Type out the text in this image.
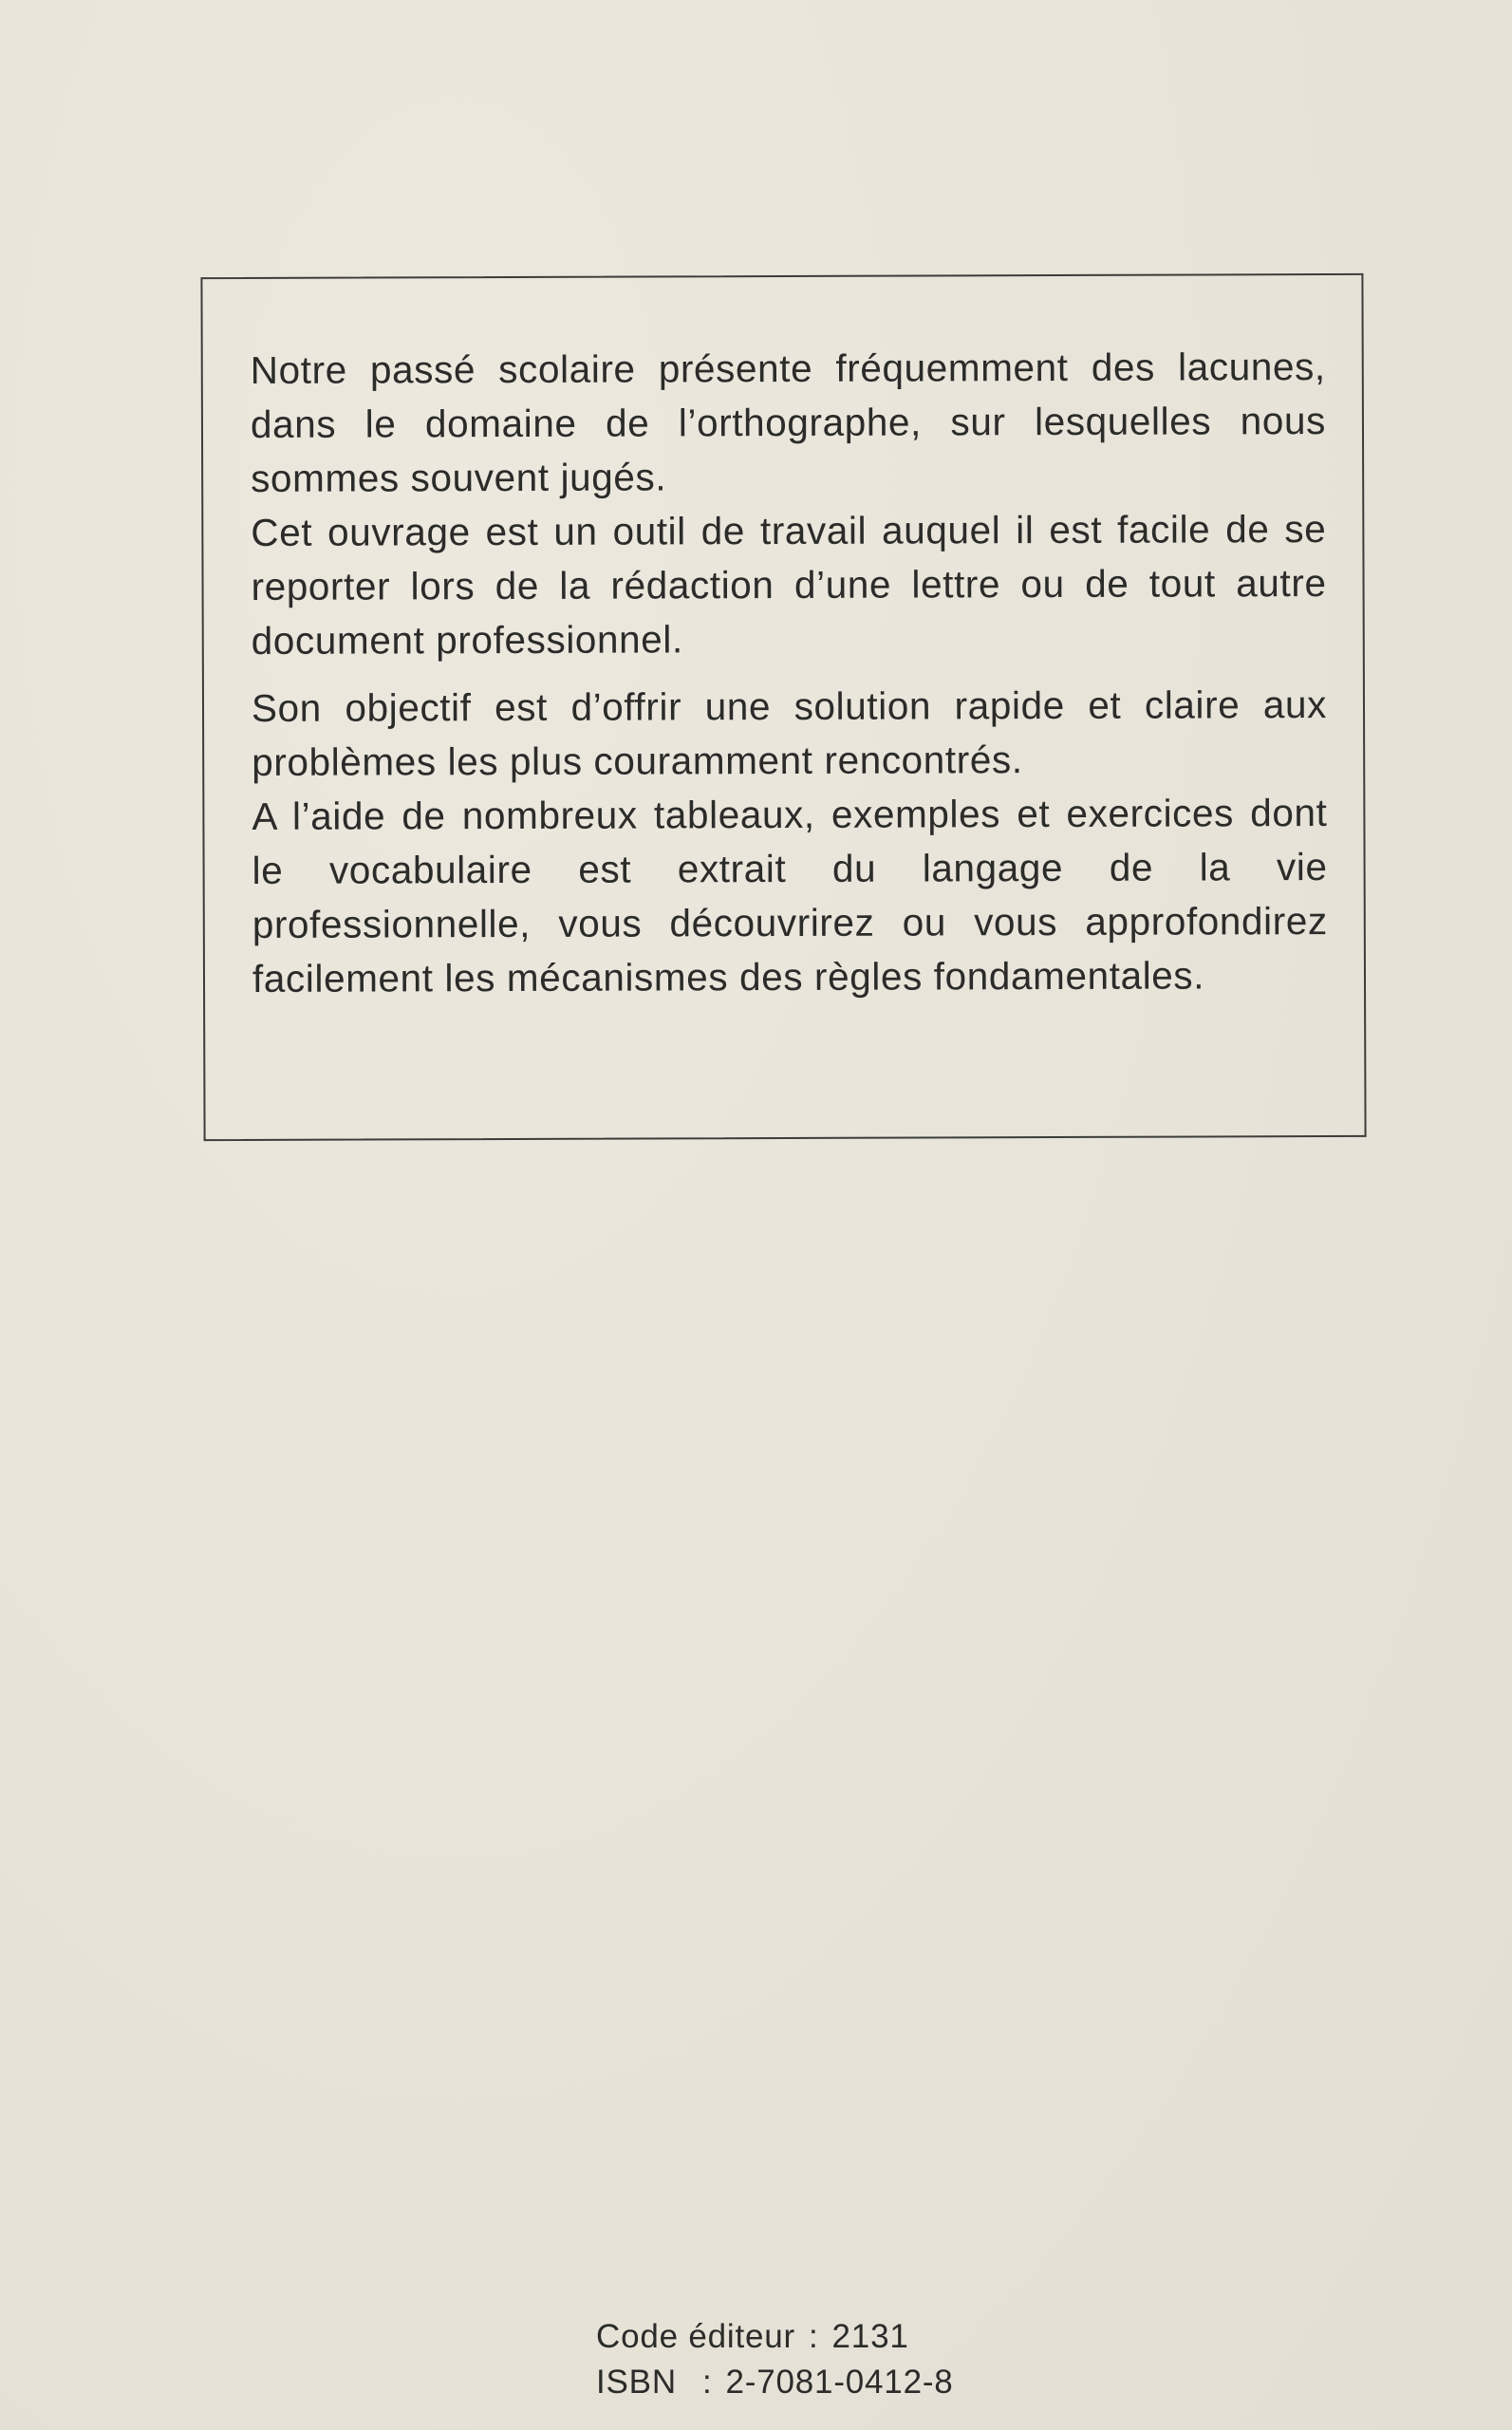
Notre passé scolaire présente fréquemment des lacunes, dans le domaine de l’orthographe, sur lesquelles nous sommes souvent jugés.

Cet ouvrage est un outil de travail auquel il est facile de se reporter lors de la rédaction d’une lettre ou de tout autre document professionnel.

Son objectif est d’offrir une solution rapide et claire aux problèmes les plus couramment rencontrés.

A l’aide de nombreux tableaux, exemples et exercices dont le vocabulaire est extrait du langage de la vie professionnelle, vous découvrirez ou vous approfondirez facilement les mécanismes des règles fondamentales.

Code éditeur : 2131
ISBN : 2-7081-0412-8
